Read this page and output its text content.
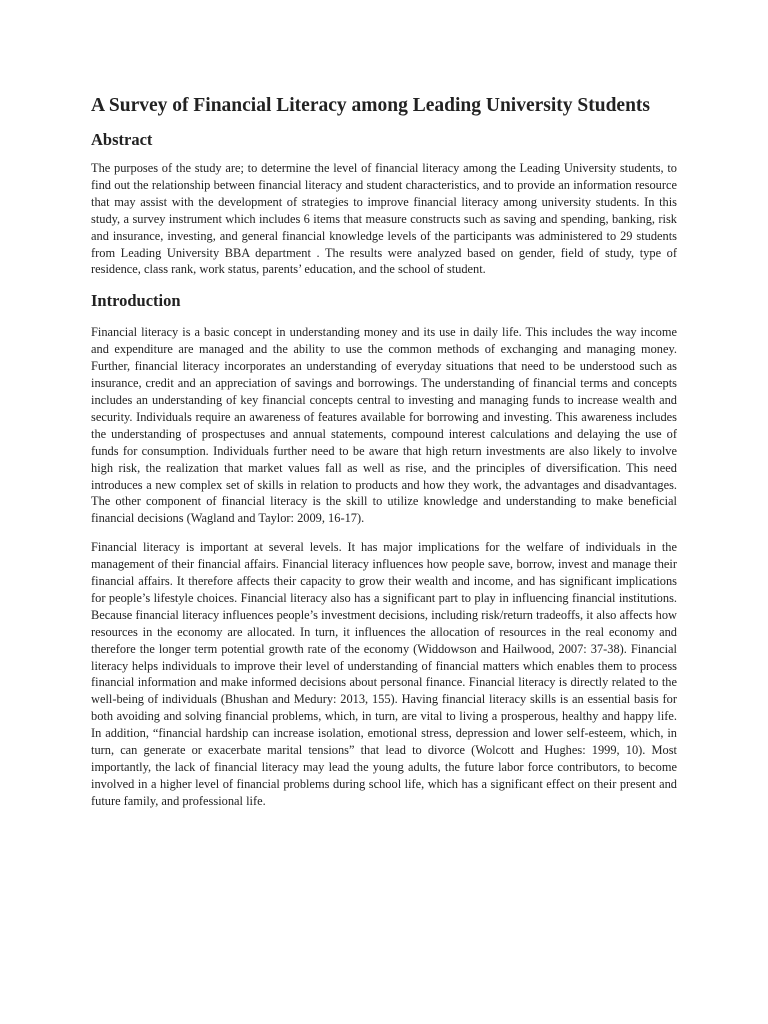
A Survey of Financial Literacy among Leading University Students
Abstract

The purposes of the study are; to determine the level of financial literacy among the Leading University students, to find out the relationship between financial literacy and student characteristics, and to provide an information resource that may assist with the development of strategies to improve financial literacy among university students. In this study, a survey instrument which includes 6 items that measure constructs such as saving and spending, banking, risk and insurance, investing, and general financial knowledge levels of the participants was administered to 29 students from Leading University BBA department . The results were analyzed based on gender, field of study, type of residence, class rank, work status, parents’ education, and the school of student.

Introduction

Financial literacy is a basic concept in understanding money and its use in daily life. This includes the way income and expenditure are managed and the ability to use the common methods of exchanging and managing money. Further, financial literacy incorporates an understanding of everyday situations that need to be understood such as insurance, credit and an appreciation of savings and borrowings. The understanding of financial terms and concepts includes an understanding of key financial concepts central to investing and managing funds to increase wealth and security. Individuals require an awareness of features available for borrowing and investing. This awareness includes the understanding of prospectuses and annual statements, compound interest calculations and delaying the use of funds for consumption. Individuals further need to be aware that high return investments are also likely to involve high risk, the realization that market values fall as well as rise, and the principles of diversification. This need introduces a new complex set of skills in relation to products and how they work, the advantages and disadvantages. The other component of financial literacy is the skill to utilize knowledge and understanding to make beneficial financial decisions (Wagland and Taylor: 2009, 16-17).

Financial literacy is important at several levels. It has major implications for the welfare of individuals in the management of their financial affairs. Financial literacy influences how people save, borrow, invest and manage their financial affairs. It therefore affects their capacity to grow their wealth and income, and has significant implications for people’s lifestyle choices. Financial literacy also has a significant part to play in influencing financial institutions. Because financial literacy influences people’s investment decisions, including risk/return tradeoffs, it also affects how resources in the economy are allocated. In turn, it influences the allocation of resources in the real economy and therefore the longer term potential growth rate of the economy (Widdowson and Hailwood, 2007: 37-38). Financial literacy helps individuals to improve their level of understanding of financial matters which enables them to process financial information and make informed decisions about personal finance. Financial literacy is directly related to the well-being of individuals (Bhushan and Medury: 2013, 155). Having financial literacy skills is an essential basis for both avoiding and solving financial problems, which, in turn, are vital to living a prosperous, healthy and happy life. In addition, “financial hardship can increase isolation, emotional stress, depression and lower self-esteem, which, in turn, can generate or exacerbate marital tensions” that lead to divorce (Wolcott and Hughes: 1999, 10). Most importantly, the lack of financial literacy may lead the young adults, the future labor force contributors, to become involved in a higher level of financial problems during school life, which has a significant effect on their present and future family, and professional life.
